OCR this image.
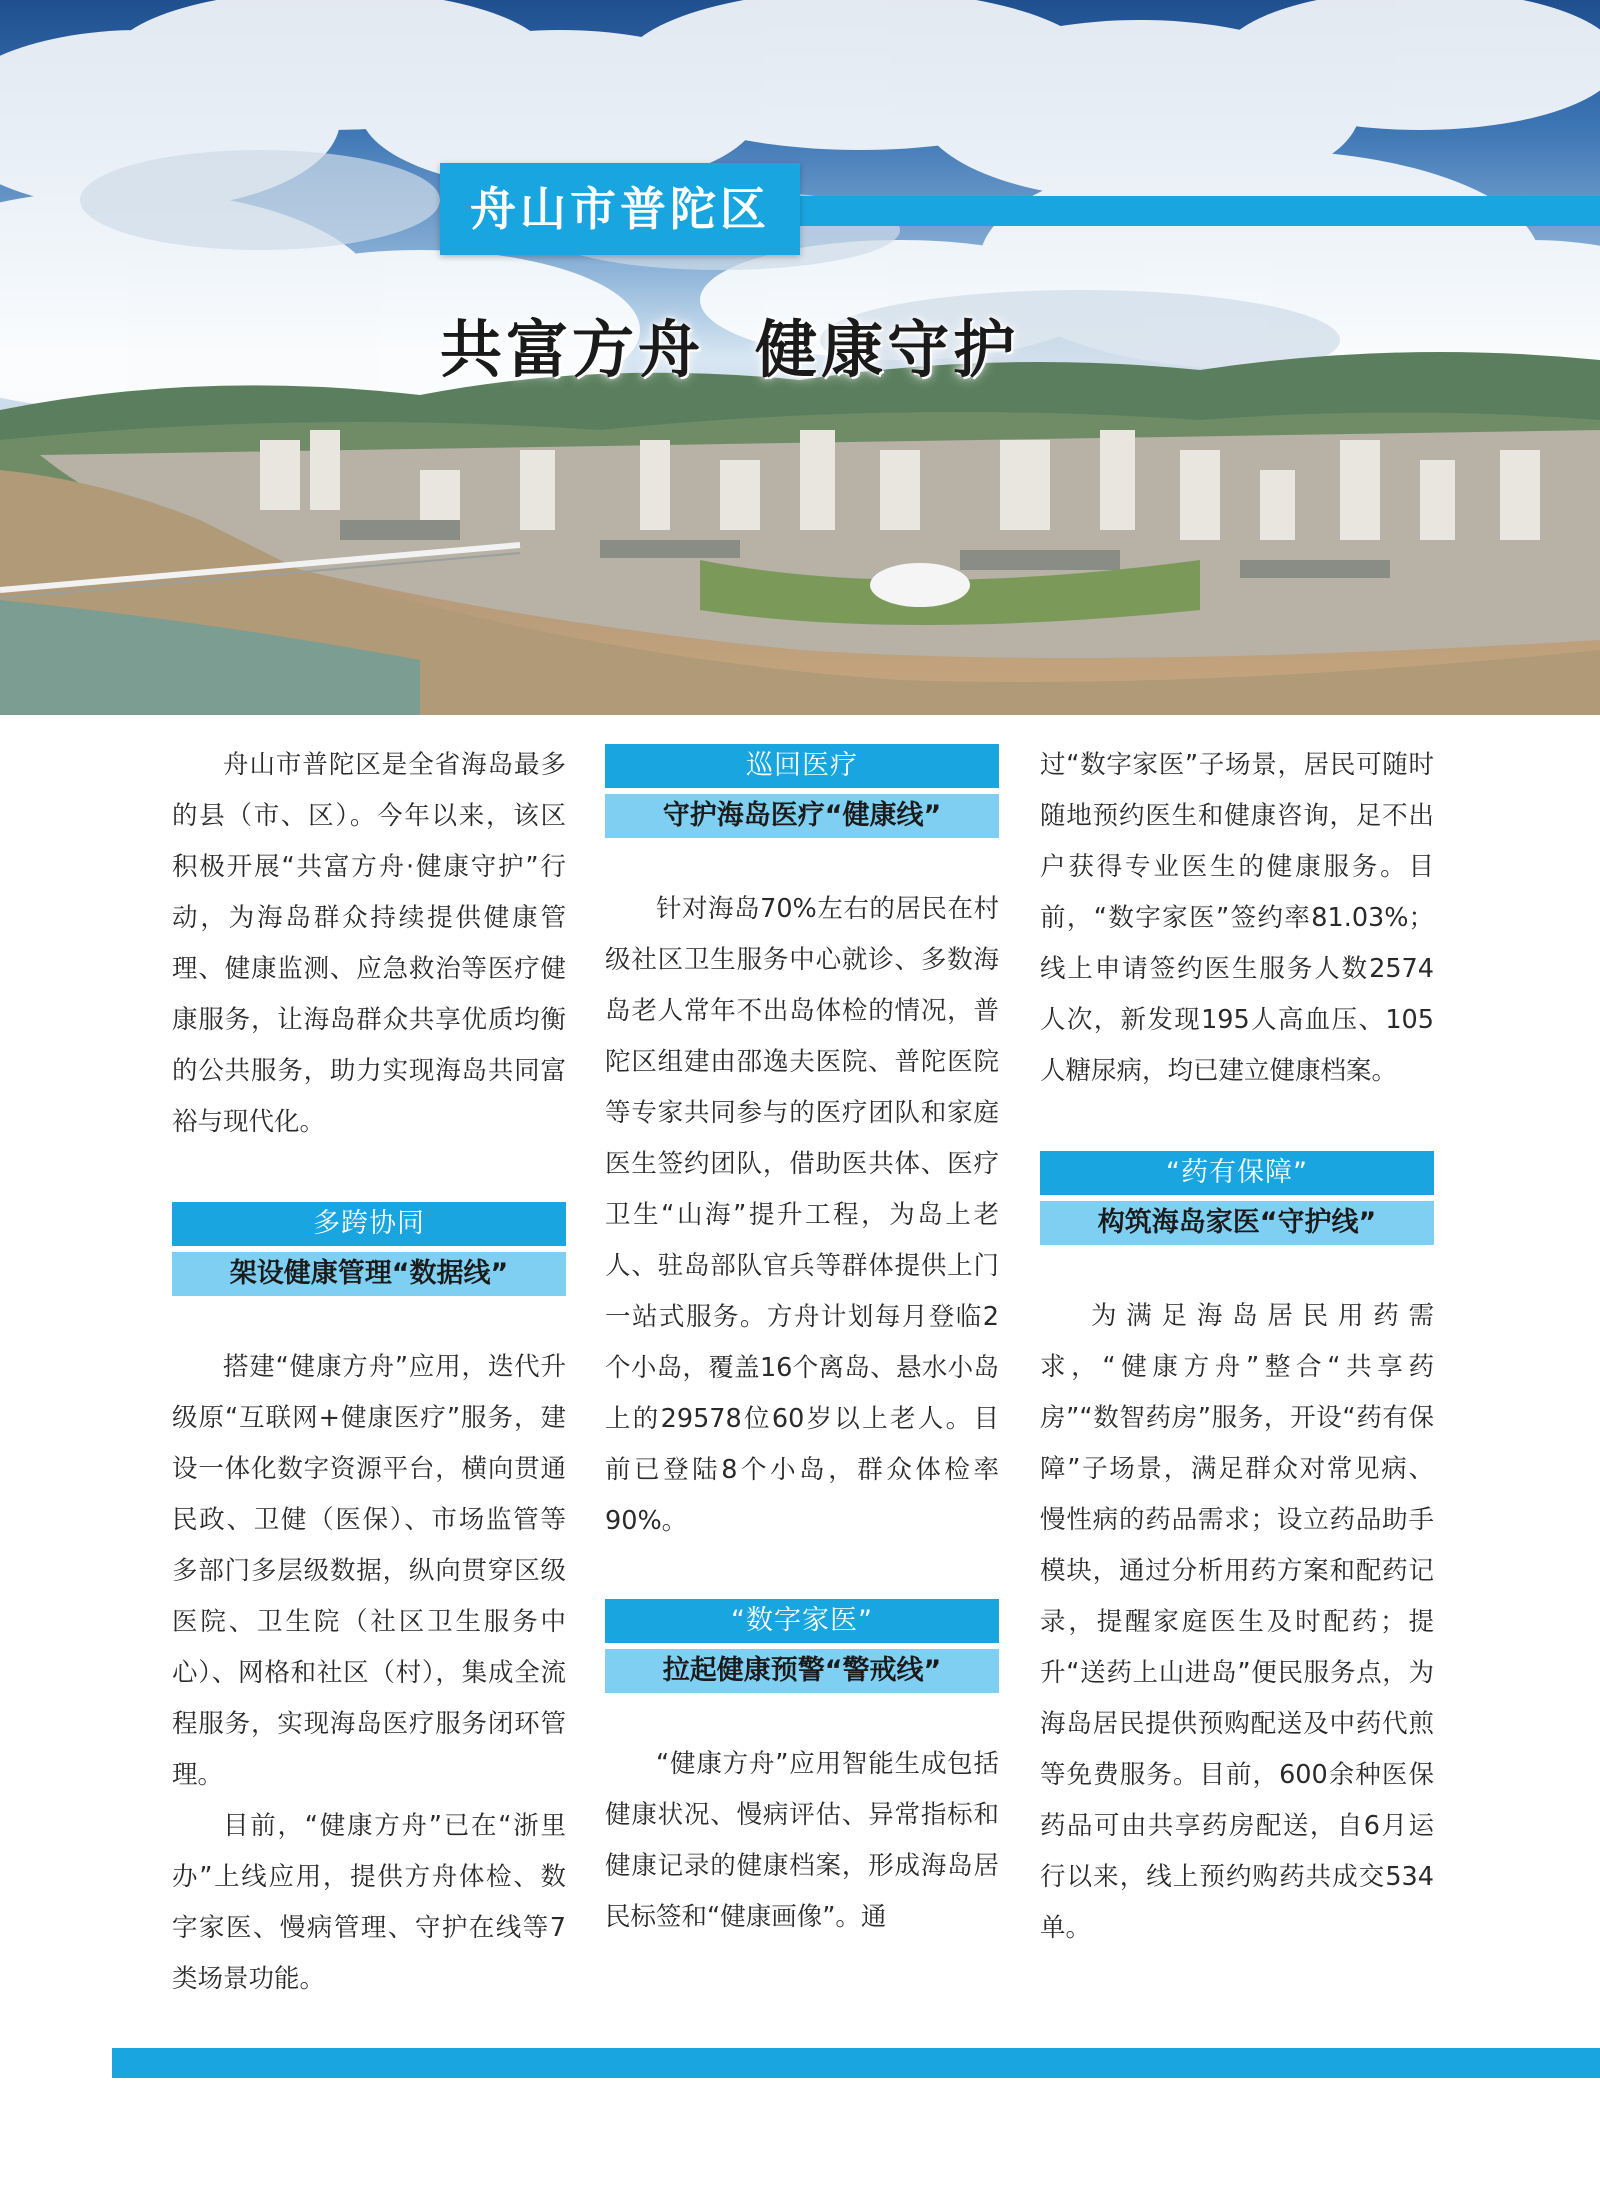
舟山市普陀区
共富方舟  健康守护

舟山市普陀区是全省海岛最多的县（市、区）。今年以来，该区积极开展“共富方舟·健康守护”行动，为海岛群众持续提供健康管理、健康监测、应急救治等医疗健康服务，让海岛群众共享优质均衡的公共服务，助力实现海岛共同富裕与现代化。

多跨协同
架设健康管理“数据线”

搭建“健康方舟”应用，迭代升级原“互联网+健康医疗”服务，建设一体化数字资源平台，横向贯通民政、卫健（医保）、市场监管等多部门多层级数据，纵向贯穿区级医院、卫生院（社区卫生服务中心）、网格和社区（村），集成全流程服务，实现海岛医疗服务闭环管理。

目前，“健康方舟”已在“浙里办”上线应用，提供方舟体检、数字家医、慢病管理、守护在线等7类场景功能。

巡回医疗
守护海岛医疗“健康线”

针对海岛70%左右的居民在村级社区卫生服务中心就诊、多数海岛老人常年不出岛体检的情况，普陀区组建由邵逸夫医院、普陀医院等专家共同参与的医疗团队和家庭医生签约团队，借助医共体、医疗卫生“山海”提升工程，为岛上老人、驻岛部队官兵等群体提供上门一站式服务。方舟计划每月登临2个小岛，覆盖16个离岛、悬水小岛上的29578位60岁以上老人。目前已登陆8个小岛，群众体检率90%。

“数字家医”
拉起健康预警“警戒线”

“健康方舟”应用智能生成包括健康状况、慢病评估、异常指标和健康记录的健康档案，形成海岛居民标签和“健康画像”。通

过“数字家医”子场景，居民可随时随地预约医生和健康咨询，足不出户获得专业医生的健康服务。目前，“数字家医”签约率81.03%；线上申请签约医生服务人数2574人次，新发现195人高血压、105人糖尿病，均已建立健康档案。

“药有保障”
构筑海岛家医“守护线”

为满足海岛居民用药需求，“健康方舟”整合“共享药房”“数智药房”服务，开设“药有保障”子场景，满足群众对常见病、慢性病的药品需求；设立药品助手模块，通过分析用药方案和配药记录，提醒家庭医生及时配药；提升“送药上山进岛”便民服务点，为海岛居民提供预购配送及中药代煎等免费服务。目前，600余种医保药品可由共享药房配送，自6月运行以来，线上预约购药共成交534单。
